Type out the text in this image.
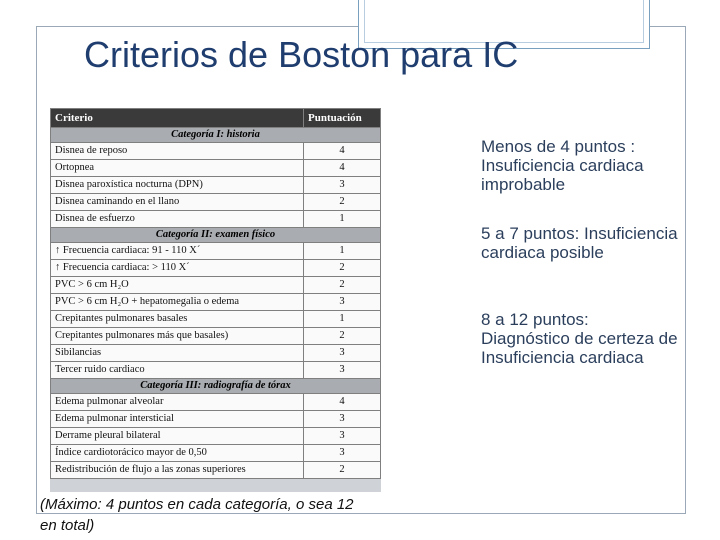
Criterios de Boston para IC
Criterio	Puntuación
Categoría I: historia	
Disnea de reposo	4
Ortopnea	4
Disnea paroxística nocturna (DPN)	3
Disnea caminando en el llano	2
Disnea de esfuerzo	1
Categoría II: examen físico	
↑ Frecuencia cardiaca: 91 - 110 X´	1
↑ Frecuencia cardiaca: > 110 X´	2
PVC > 6 cm H₂O	2
PVC > 6 cm H₂O + hepatomegalia o edema	3
Crepitantes pulmonares basales	1
Crepitantes pulmonares más que basales)	2
Sibilancias	3
Tercer ruido cardiaco	3
Categoría III: radiografía de tórax	
Edema pulmonar alveolar	4
Edema pulmonar intersticial	3
Derrame pleural bilateral	3
Índice cardiotorácico mayor de 0,50	3
Redistribución de flujo a las zonas superiores	2
(Máximo: 4 puntos en cada categoría, o sea 12 en total)
Menos de 4 puntos : Insuficiencia cardiaca improbable
5 a 7 puntos: Insuficiencia cardiaca posible
8 a 12 puntos: Diagnóstico de certeza de Insuficiencia cardiaca
